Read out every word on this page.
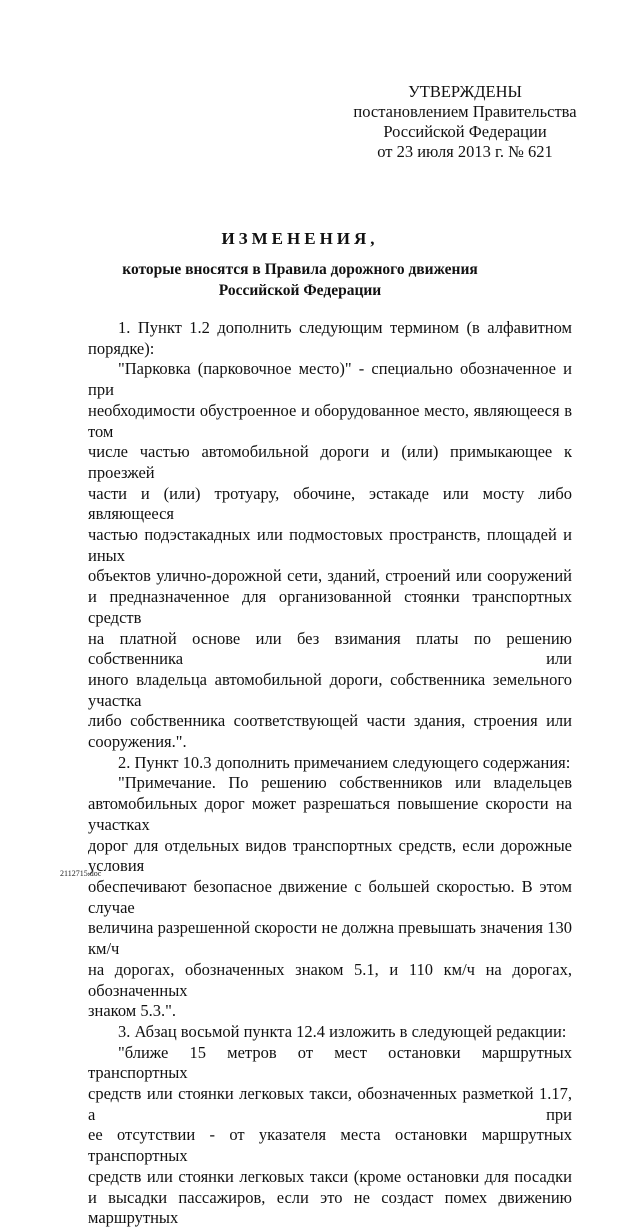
УТВЕРЖДЕНЫ
постановлением Правительства
Российской Федерации
от 23 июля 2013 г. № 621
ИЗМЕНЕНИЯ,
которые вносятся в Правила дорожного движения
Российской Федерации

1. Пункт 1.2 дополнить следующим термином (в алфавитном

порядке):

"Парковка (парковочное место)" - специально обозначенное и при

необходимости обустроенное и оборудованное место, являющееся в том

числе частью автомобильной дороги и (или) примыкающее к проезжей

части и (или) тротуару, обочине, эстакаде или мосту либо являющееся

частью подэстакадных или подмостовых пространств, площадей и иных

объектов улично-дорожной сети, зданий, строений или сооружений

и предназначенное для организованной стоянки транспортных средств

на платной основе или без взимания платы по решению собственника или

иного владельца автомобильной дороги, собственника земельного участка

либо собственника соответствующей части здания, строения или

сооружения.".

2. Пункт 10.3 дополнить примечанием следующего содержания:

"Примечание. По решению собственников или владельцев

автомобильных дорог может разрешаться повышение скорости на участках

дорог для отдельных видов транспортных средств, если дорожные условия

обеспечивают безопасное движение с большей скоростью. В этом случае

величина разрешенной скорости не должна превышать значения 130 км/ч

на дорогах, обозначенных знаком 5.1, и 110 км/ч на дорогах, обозначенных

знаком 5.3.".

3. Абзац восьмой пункта 12.4 изложить в следующей редакции:

"ближе 15 метров от мест остановки маршрутных транспортных

средств или стоянки легковых такси, обозначенных разметкой 1.17, а при

ее отсутствии - от указателя места остановки маршрутных транспортных

средств или стоянки легковых такси (кроме остановки для посадки

и высадки пассажиров, если это не создаст помех движению маршрутных

2112715.doc
